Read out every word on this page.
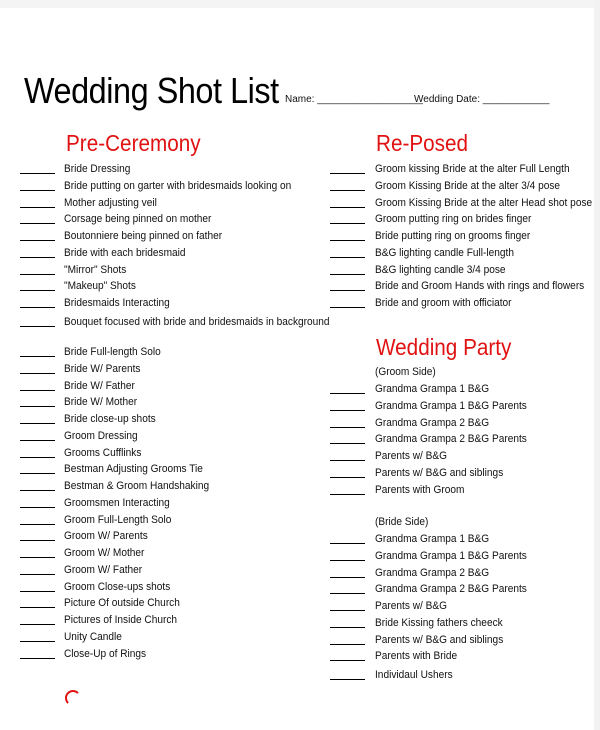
Wedding Shot List Name: ___________________
Wedding Date: ____________
Pre-Ceremony	Re-Posed
Wedding Party
Bride Dressing
Bride putting on garter with bridesmaids looking on
Mother adjusting veil
Corsage being pinned on mother
Boutonniere being pinned on father
Bride with each bridesmaid
"Mirror" Shots
"Makeup" Shots
Bridesmaids Interacting
Bouquet focused with bride and bridesmaids in background
Bride Full-length Solo
Bride W/ Parents
Bride W/ Father
Bride W/ Mother
Bride close-up shots
Groom Dressing
Grooms Cufflinks
Bestman Adjusting Grooms Tie
Bestman & Groom Handshaking
Groomsmen Interacting
Groom Full-Length Solo
Groom W/ Parents
Groom W/ Mother
Groom W/ Father
Groom Close-ups shots
Picture Of outside Church
Pictures of Inside Church
Unity Candle
Close-Up of Rings
Groom kissing Bride at the alter Full Length
Groom Kissing Bride at the alter 3/4 pose
Groom Kissing Bride at the alter Head shot pose
Groom putting ring on brides finger
Bride putting ring on grooms finger
B&G lighting candle Full-length
B&G lighting candle 3/4 pose
Bride and Groom Hands with rings and flowers
Bride and groom with officiator
(Groom Side)
Grandma Grampa 1 B&G
Grandma Grampa 1 B&G Parents
Grandma Grampa 2 B&G
Grandma Grampa 2 B&G Parents
Parents w/ B&G
Parents w/ B&G and siblings
Parents with Groom
(Bride Side)
Grandma Grampa 1 B&G
Grandma Grampa 1 B&G Parents
Grandma Grampa 2 B&G
Grandma Grampa 2 B&G Parents
Parents w/ B&G
Bride Kissing fathers cheeck
Parents w/ B&G and siblings
Parents with Bride
Individaul Ushers
